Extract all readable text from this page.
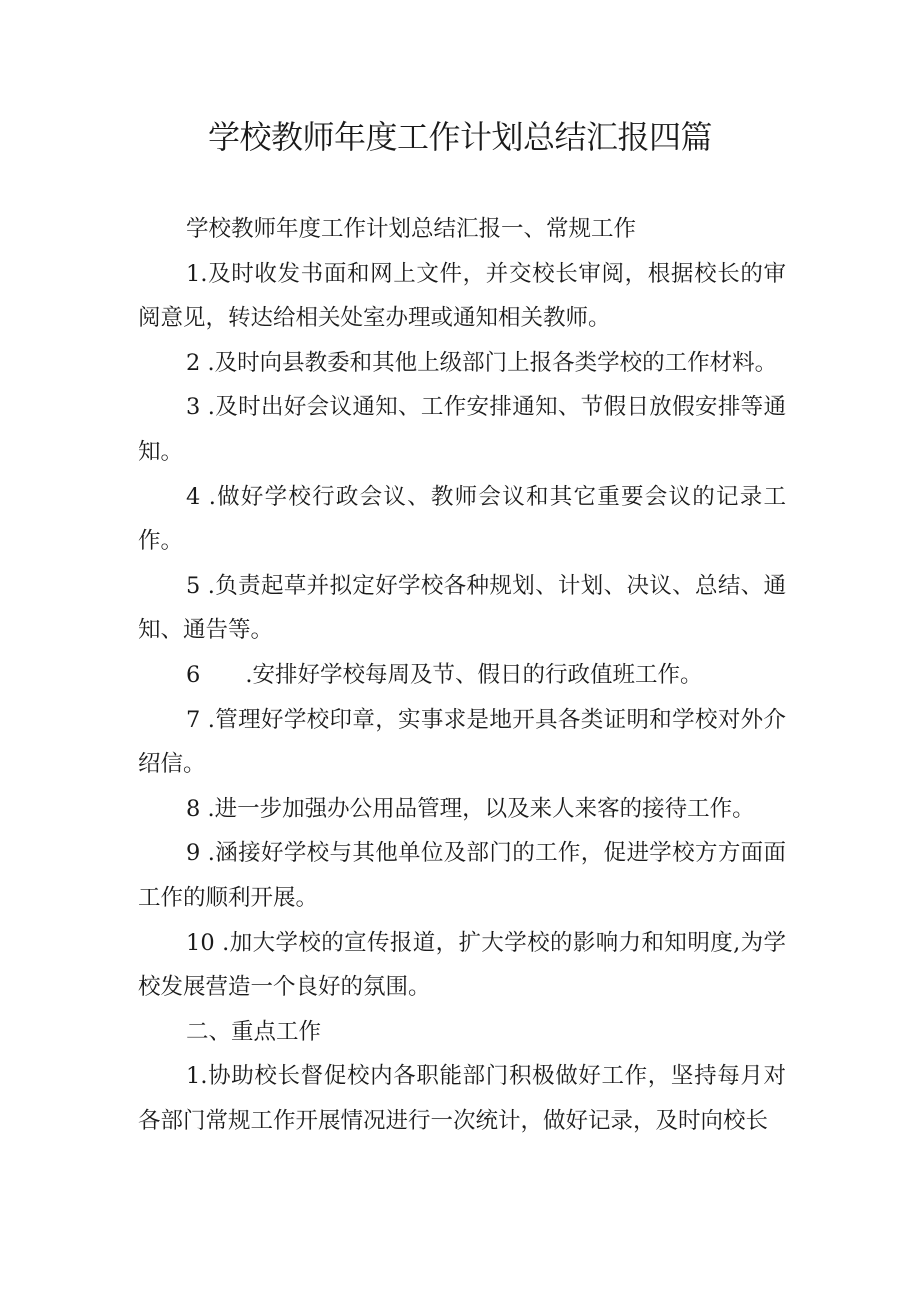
学校教师年度工作计划总结汇报四篇

学校教师年度工作计划总结汇报一、常规工作

1.及时收发书面和网上文件，并交校长审阅，根据校长的审阅意见，转达给相关处室办理或通知相关教师。

2 .及时向县教委和其他上级部门上报各类学校的工作材料。

3 .及时出好会议通知、工作安排通知、节假日放假安排等通知。

4 .做好学校行政会议、教师会议和其它重要会议的记录工作。

5 .负责起草并拟定好学校各种规划、计划、决议、总结、通知、通告等。

6　　.安排好学校每周及节、假日的行政值班工作。

7 .管理好学校印章，实事求是地开具各类证明和学校对外介绍信。

8 .进一步加强办公用品管理，以及来人来客的接待工作。

9 .涵接好学校与其他单位及部门的工作，促进学校方方面面工作的顺利开展。

10 .加大学校的宣传报道，扩大学校的影响力和知明度,为学校发展营造一个良好的氛围。

二、重点工作

1.协助校长督促校内各职能部门积极做好工作，坚持每月对各部门常规工作开展情况进行一次统计，做好记录，及时向校长
